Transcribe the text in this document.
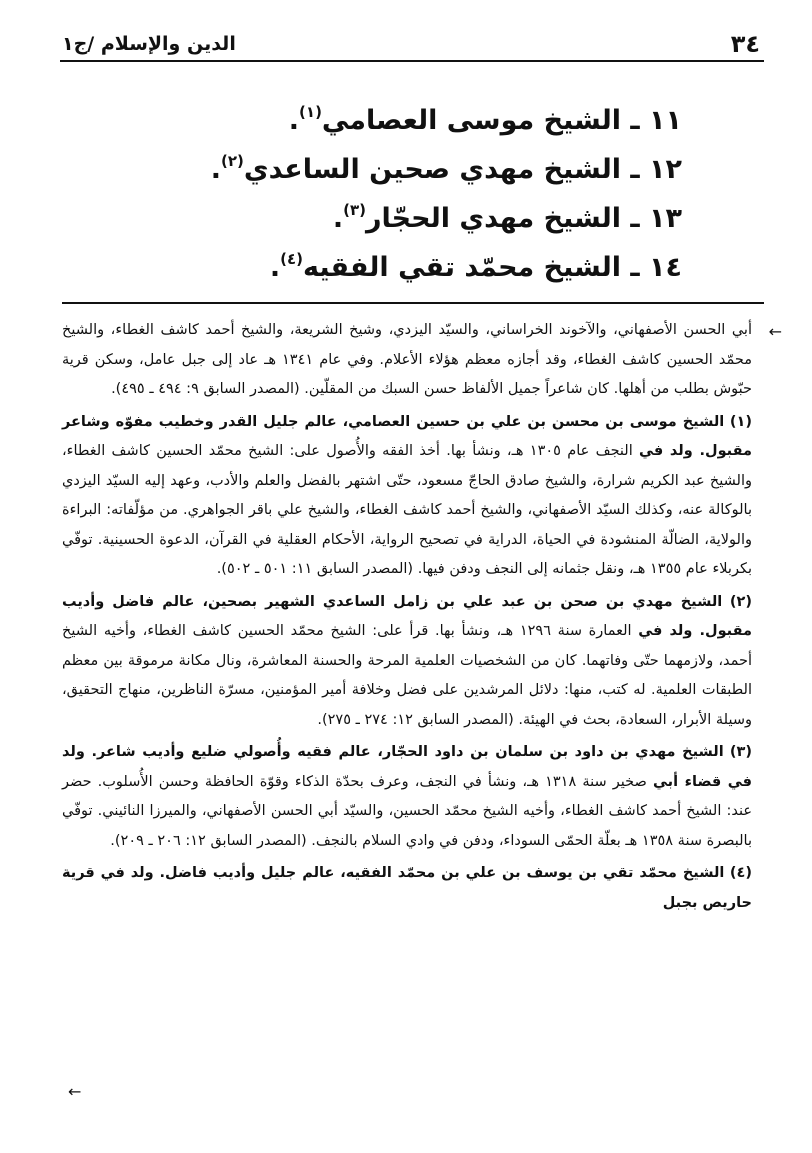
٣٤
الدين والإسلام /ج١
١١ ـ الشيخ موسى العصامي$^{(١)}$.
١٢ ـ الشيخ مهدي صحين الساعدي$^{(٢)}$.
١٣ ـ الشيخ مهدي الحجّار$^{(٣)}$.
١٤ ـ الشيخ محمّد تقي الفقيه$^{(٤)}$.
←

أبي الحسن الأصفهاني، والآخوند الخراساني، والسيّد اليزدي، وشيخ الشريعة، والشيخ أحمد كاشف الغطاء، والشيخ محمّد الحسين كاشف الغطاء، وقد أجازه معظم هؤلاء الأعلام. وفي عام ١٣٤١ هـ عاد إلى جبل عامل، وسكن قرية حبّوش بطلب من أهلها. كان شاعراً جميل الألفاظ حسن السبك من المقلّين. (المصدر السابق ٩: ٤٩٤ ـ ٤٩٥).

(١) الشيخ موسى بن محسن بن علي بن حسين العصامي، عالم جليل القدر وخطيب مفوّه وشاعر مقبول. ولد في النجف عام ١٣٠٥ هـ، ونشأ بها. أخذ الفقه والأُصول على: الشيخ محمّد الحسين كاشف الغطاء، والشيخ عبد الكريم شرارة، والشيخ صادق الحاجّ مسعود، حتّى اشتهر بالفضل والعلم والأدب، وعهد إليه السيّد اليزدي بالوكالة عنه، وكذلك السيّد الأصفهاني، والشيخ أحمد كاشف الغطاء، والشيخ علي باقر الجواهري. من مؤلّفاته: البراءة والولاية، الضالّة المنشودة في الحياة، الدراية في تصحيح الرواية، الأحكام العقلية في القرآن، الدعوة الحسينية. توفّي بكربلاء عام ١٣٥٥ هـ، ونقل جثمانه إلى النجف ودفن فيها. (المصدر السابق ١١: ٥٠١ ـ ٥٠٢).

(٢) الشيخ مهدي بن صحن بن عبد علي بن زامل الساعدي الشهير بصحين، عالم فاضل وأديب مقبول. ولد في العمارة سنة ١٢٩٦ هـ، ونشأ بها. قرأ على: الشيخ محمّد الحسين كاشف الغطاء، وأخيه الشيخ أحمد، ولازمهما حتّى وفاتهما. كان من الشخصيات العلمية المرحة والحسنة المعاشرة، ونال مكانة مرموقة بين معظم الطبقات العلمية. له كتب، منها: دلائل المرشدين على فضل وخلافة أمير المؤمنين، مسرّة الناظرين، منهاج التحقيق، وسيلة الأبرار، السعادة، بحث في الهيئة. (المصدر السابق ١٢: ٢٧٤ ـ ٢٧٥).

(٣) الشيخ مهدي بن داود بن سلمان بن داود الحجّار، عالم فقيه وأُصولي ضليع وأديب شاعر. ولد في قضاء أبي صخير سنة ١٣١٨ هـ، ونشأ في النجف، وعرف بحدّة الذكاء وقوّة الحافظة وحسن الأُسلوب. حضر عند: الشيخ أحمد كاشف الغطاء، وأخيه الشيخ محمّد الحسين، والسيّد أبي الحسن الأصفهاني، والميرزا النائيني. توفّي بالبصرة سنة ١٣٥٨ هـ بعلّة الحمّى السوداء، ودفن في وادي السلام بالنجف. (المصدر السابق ١٢: ٢٠٦ ـ ٢٠٩).

(٤) الشيخ محمّد تقي بن يوسف بن علي بن محمّد الفقيه، عالم جليل وأديب فاضل. ولد في قرية حاريص بجبل

←
